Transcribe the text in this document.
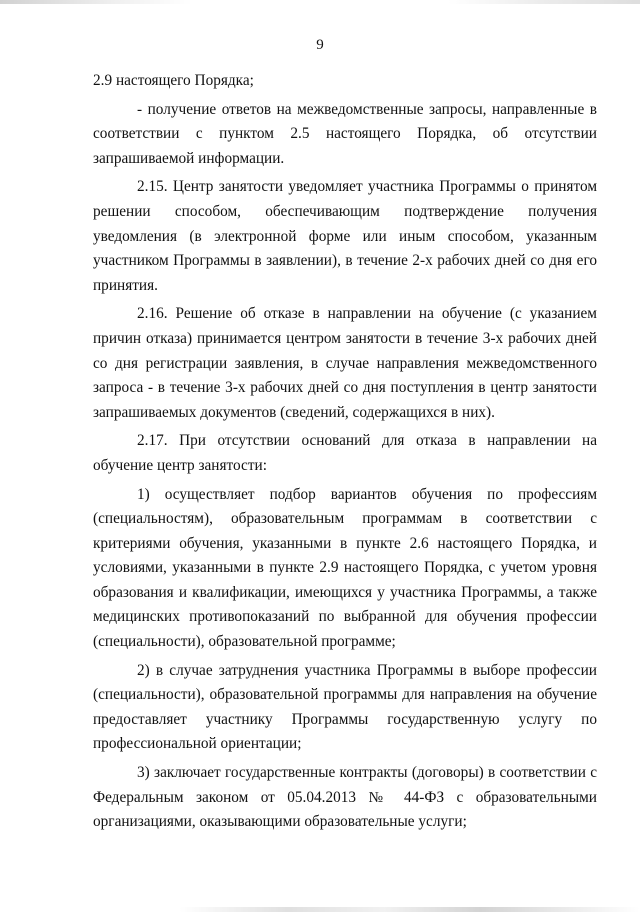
9

2.9 настоящего Порядка;

- получение ответов на межведомственные запросы, направленные в соответствии с пунктом 2.5 настоящего Порядка, об отсутствии запрашиваемой информации.

2.15. Центр занятости уведомляет участника Программы о принятом решении способом, обеспечивающим подтверждение получения уведомления (в электронной форме или иным способом, указанным участником Программы в заявлении), в течение 2-х рабочих дней со дня его принятия.

2.16. Решение об отказе в направлении на обучение (с указанием причин отказа) принимается центром занятости в течение 3-х рабочих дней со дня регистрации заявления, в случае направления межведомственного запроса - в течение 3-х рабочих дней со дня поступления в центр занятости запрашиваемых документов (сведений, содержащихся в них).

2.17. При отсутствии оснований для отказа в направлении на обучение центр занятости:

1) осуществляет подбор вариантов обучения по профессиям (специальностям), образовательным программам в соответствии с критериями обучения, указанными в пункте 2.6 настоящего Порядка, и условиями, указанными в пункте 2.9 настоящего Порядка, с учетом уровня образования и квалификации, имеющихся у участника Программы, а также медицинских противопоказаний по выбранной для обучения профессии (специальности), образовательной программе;

2) в случае затруднения участника Программы в выборе профессии (специальности), образовательной программы для направления на обучение предоставляет участнику Программы государственную услугу по профессиональной ориентации;

3) заключает государственные контракты (договоры) в соответствии с Федеральным законом от 05.04.2013 № 44-ФЗ с образовательными организациями, оказывающими образовательные услуги;
